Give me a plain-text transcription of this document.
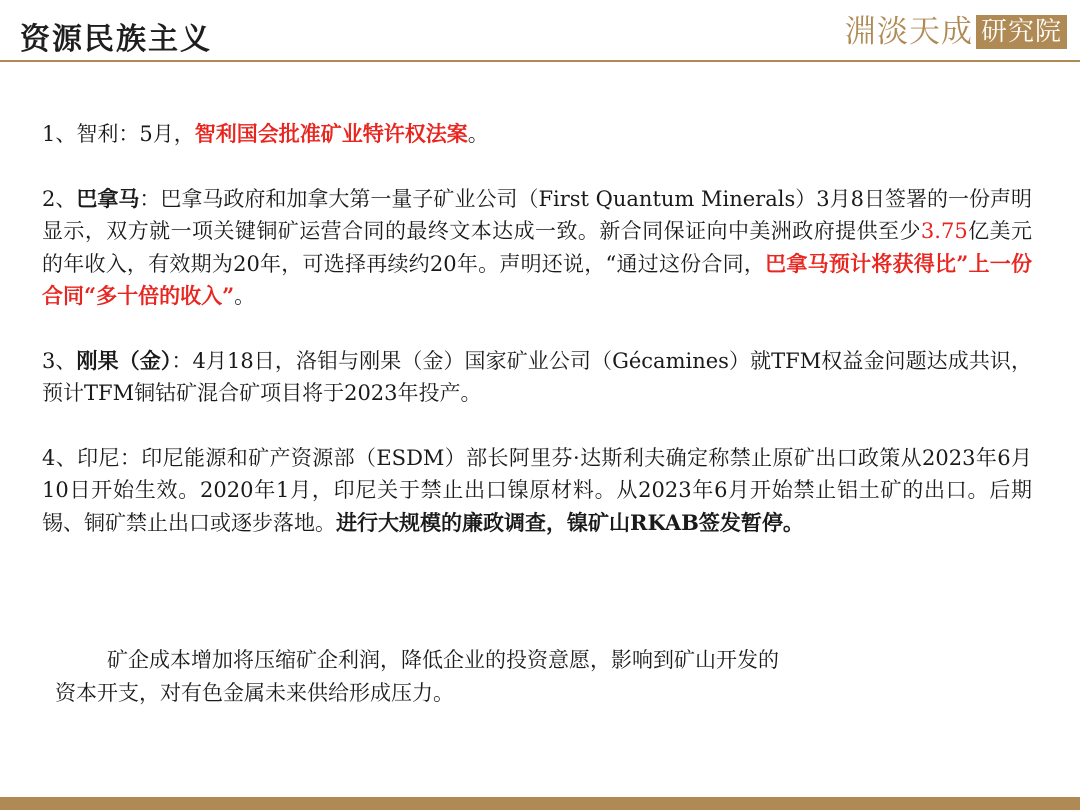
资源民族主义	淵淡天成 研究院

1、智利：5月，智利国会批准矿业特许权法案。

2、巴拿马：巴拿马政府和加拿大第一量子矿业公司（First Quantum Minerals）3月8日签署的一份声明显示，双方就一项关键铜矿运营合同的最终文本达成一致。新合同保证向中美洲政府提供至少3.75亿美元的年收入，有效期为20年，可选择再续约20年。声明还说，“通过这份合同，巴拿马预计将获得比”上一份合同“多十倍的收入”。

3、刚果（金）：4月18日，洛钼与刚果（金）国家矿业公司（Gécamines）就TFM权益金问题达成共识，预计TFM铜钴矿混合矿项目将于2023年投产。

4、印尼：印尼能源和矿产资源部（ESDM）部长阿里芬·达斯利夫确定称禁止原矿出口政策从2023年6月10日开始生效。2020年1月，印尼关于禁止出口镍原材料。从2023年6月开始禁止铝土矿的出口。后期锡、铜矿禁止出口或逐步落地。进行大规模的廉政调查，镍矿山RKAB签发暂停。

矿企成本增加将压缩矿企利润，降低企业的投资意愿，影响到矿山开发的
资本开支，对有色金属未来供给形成压力。
